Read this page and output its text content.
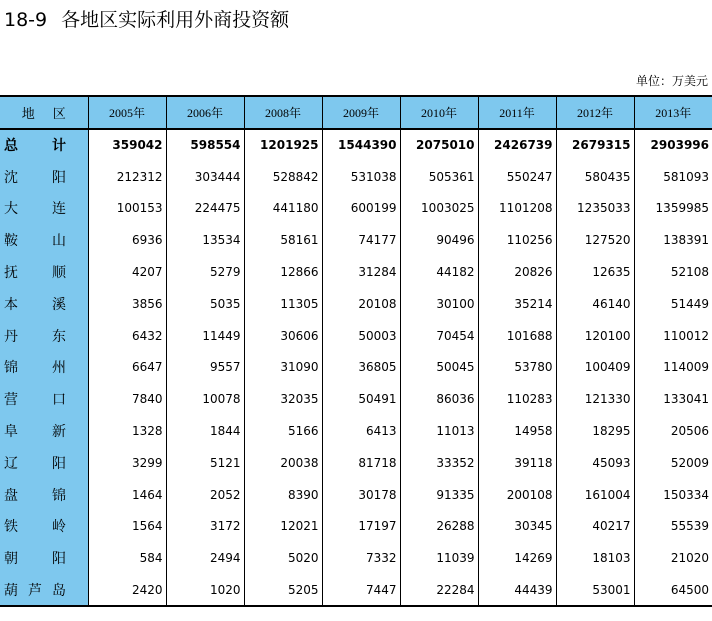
18-9 各地区实际利用外商投资额
单位：万美元
地 区	2005年	2006年	2008年	2009年	2010年	2011年	2012年	2013年

总 计	359042	598554	1201925	1544390	2075010	2426739	2679315	2903996

沈 阳	212312	303444	528842	531038	505361	550247	580435	581093

大 连	100153	224475	441180	600199	1003025	1101208	1235033	1359985

鞍 山	6936	13534	58161	74177	90496	110256	127520	138391

抚 顺	4207	5279	12866	31284	44182	20826	12635	52108

本 溪	3856	5035	11305	20108	30100	35214	46140	51449

丹 东	6432	11449	30606	50003	70454	101688	120100	110012

锦 州	6647	9557	31090	36805	50045	53780	100409	114009

营 口	7840	10078	32035	50491	86036	110283	121330	133041

阜 新	1328	1844	5166	6413	11013	14958	18295	20506

辽 阳	3299	5121	20038	81718	33352	39118	45093	52009

盘 锦	1464	2052	8390	30178	91335	200108	161004	150334

铁 岭	1564	3172	12021	17197	26288	30345	40217	55539

朝 阳	584	2494	5020	7332	11039	14269	18103	21020

葫 芦 岛	2420	1020	5205	7447	22284	44439	53001	64500
